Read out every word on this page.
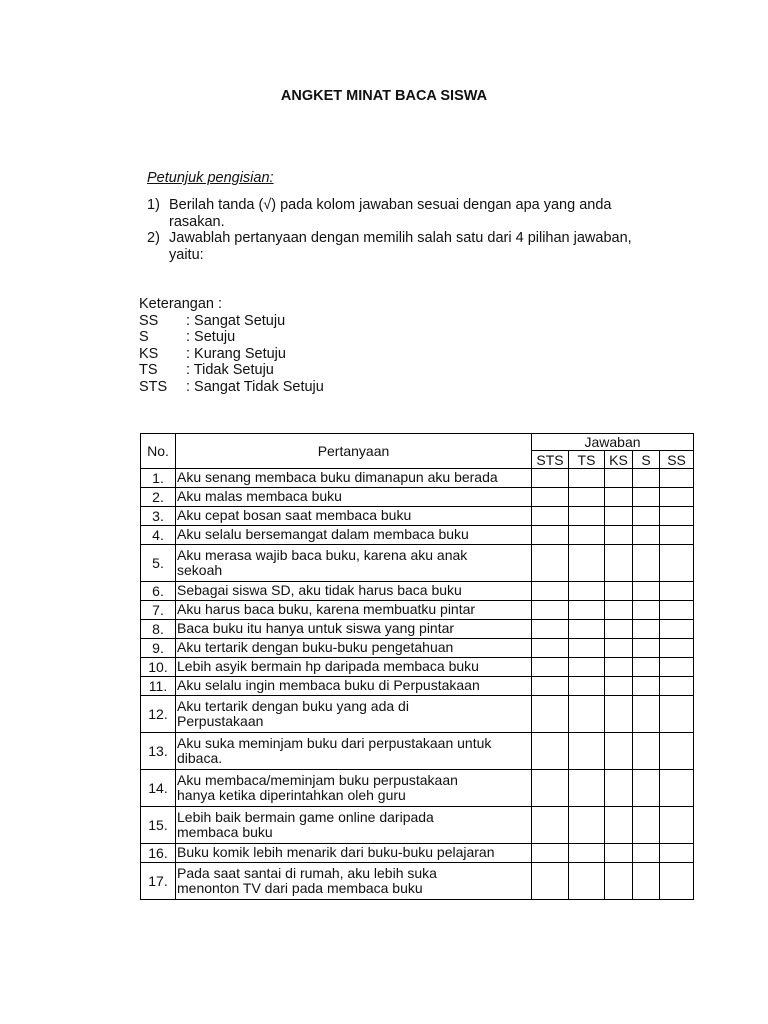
ANGKET MINAT BACA SISWA
Petunjuk pengisian:
1) Berilah tanda (√) pada kolom jawaban sesuai dengan apa yang anda
rasakan.
2) Jawablah pertanyaan dengan memilih salah satu dari 4 pilihan jawaban,
yaitu:
Keterangan :
SS	: Sangat Setuju
S	: Setuju
KS	: Kurang Setuju
TS	: Tidak Setuju
STS	: Sangat Tidak Setuju
No.	Pertanyaan	Jawaban				
		STS	TS	KS	S	SS
1.	Aku senang membaca buku dimanapun aku berada					

2.	Aku malas membaca buku					

3.	Aku cepat bosan saat membaca buku					

4.	Aku selalu bersemangat dalam membaca buku					

5.	Aku merasa wajib baca buku, karena aku anak
sekoah					

6.	Sebagai siswa SD, aku tidak harus baca buku					

7.	Aku harus baca buku, karena membuatku pintar					

8.	Baca buku itu hanya untuk siswa yang pintar					

9.	Aku tertarik dengan buku-buku pengetahuan					

10.	Lebih asyik bermain hp daripada membaca buku					

11.	Aku selalu ingin membaca buku di Perpustakaan					

12.	Aku tertarik dengan buku yang ada di
Perpustakaan					

13.	Aku suka meminjam buku dari perpustakaan untuk
dibaca.					

14.	Aku membaca/meminjam buku perpustakaan
hanya ketika diperintahkan oleh guru					

15.	Lebih baik bermain game online daripada
membaca buku					

16.	Buku komik lebih menarik dari buku-buku pelajaran					

17.	Pada saat santai di rumah, aku lebih suka
menonton TV dari pada membaca buku					
